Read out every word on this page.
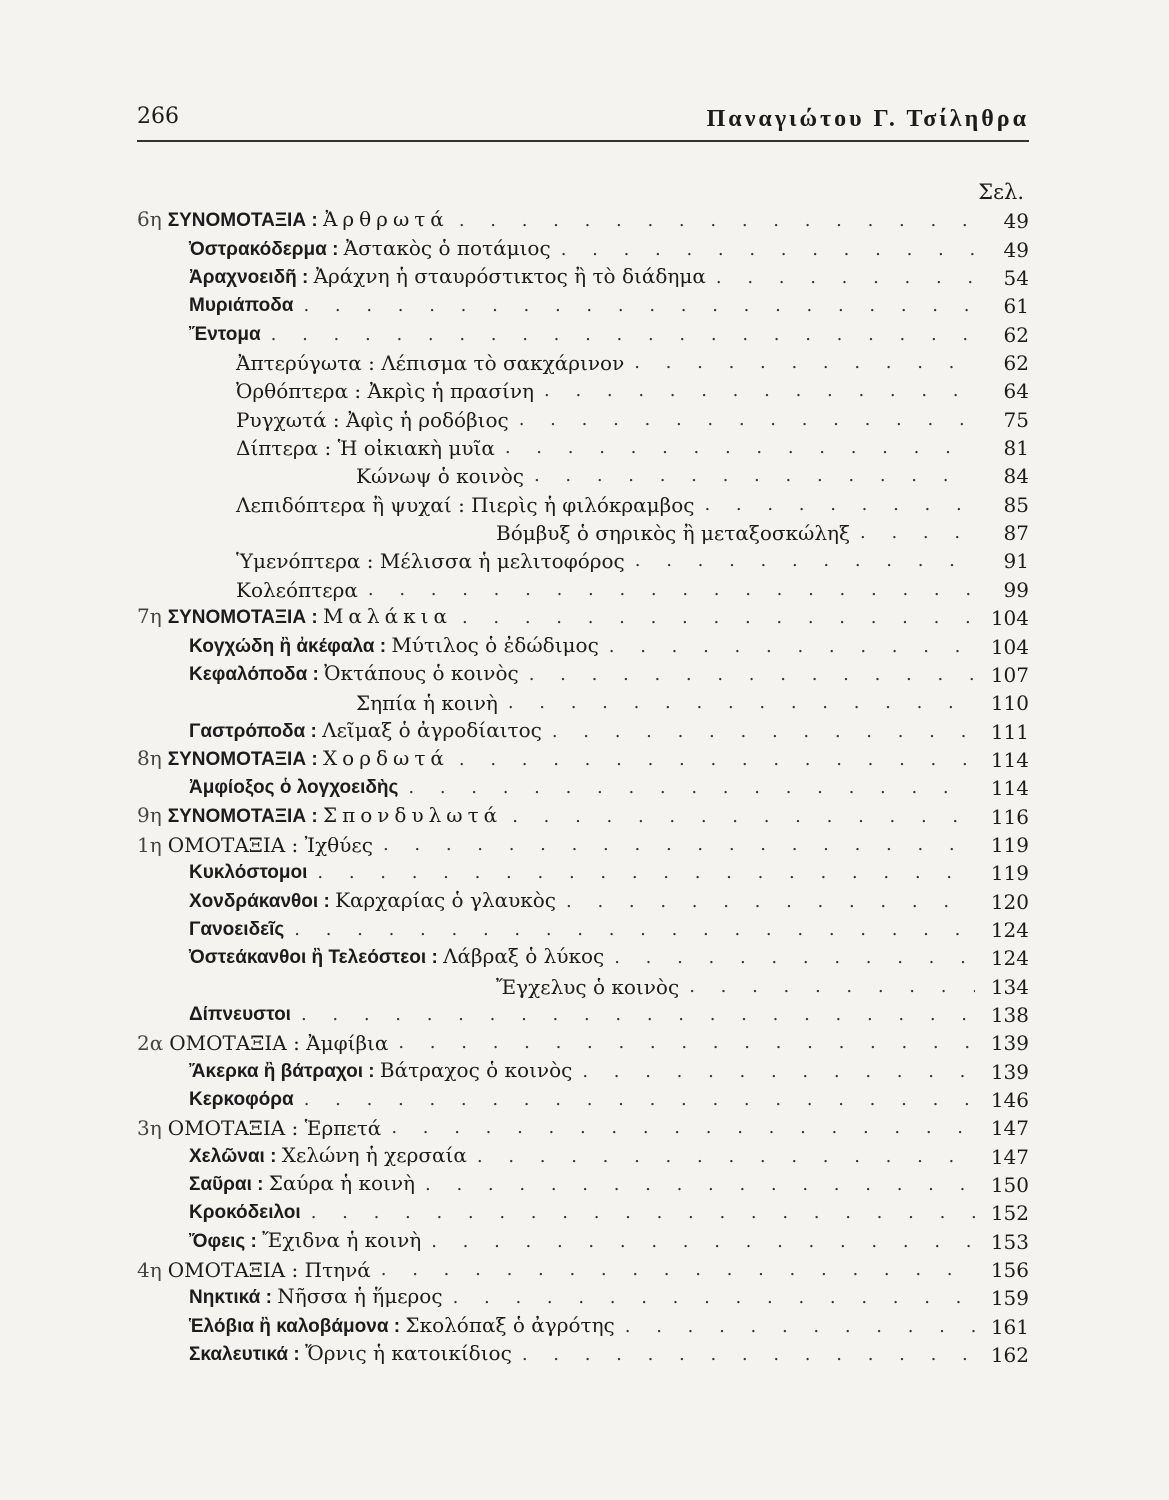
266	Παναγιώτου Γ. Τσίληθρα
Σελ.
6η ΣΥΝΟΜΟΤΑΞΙΑ : Ἀρθρωτά . . .	49
Ὀστρακόδερμα : Ἀστακὸς ὁ ποτάμιος . . .	49
Ἀραχνοειδῆ : Ἀράχνη ἡ σταυρόστικτος ἢ τὸ διάδημα . . .	54
Μυριάποδα . . .	61
Ἔντομα . . .	62
Ἀπτερύγωτα : Λέπισμα τὸ σακχάρινον . . .	62
Ὀρθόπτερα : Ἀκρὶς ἡ πρασίνη . . .	64
Ρυγχωτά : Ἀφὶς ἡ ροδόβιος . . .	75
Δίπτερα : Ἡ οἰκιακὴ μυῖα . . .	81
Κώνωψ ὁ κοινὸς . . .	84
Λεπιδόπτερα ἢ ψυχαί : Πιερὶς ἡ φιλόκραμβος . . .	85
Βόμβυξ ὁ σηρικὸς ἢ μεταξοσκώληξ . . .	87
Ὑμενόπτερα : Μέλισσα ἡ μελιτοφόρος . . .	91
Κολεόπτερα . . .	99
7η ΣΥΝΟΜΟΤΑΞΙΑ : Μαλάκια . . .	104
Κογχώδη ἢ ἀκέφαλα : Μύτιλος ὁ ἐδώδιμος . . .	104
Κεφαλόποδα : Ὀκτάπους ὁ κοινὸς . . .	107
Σηπία ἡ κοινὴ . . .	110
Γαστρόποδα : Λεῖμαξ ὁ ἀγροδίαιτος . . .	111
8η ΣΥΝΟΜΟΤΑΞΙΑ : Χορδωτά . . .	114
Ἀμφίοξος ὁ λογχοειδὴς . . .	114
9η ΣΥΝΟΜΟΤΑΞΙΑ : Σπονδυλωτά . . .	116
1η ΟΜΟΤΑΞΙΑ : Ἰχθύες . . .	119
Κυκλόστομοι . . .	119
Χονδράκανθοι : Καρχαρίας ὁ γλαυκὸς . . .	120
Γανοειδεῖς . . .	124
Ὀστεάκανθοι ἢ Τελεόστεοι : Λάβραξ ὁ λύκος . . .	124
Ἔγχελυς ὁ κοινὸς . . .	134
Δίπνευστοι . . .	138
2α ΟΜΟΤΑΞΙΑ : Ἀμφίβια . . .	139
Ἄκερκα ἢ βάτραχοι : Βάτραχος ὁ κοινὸς . . .	139
Κερκοφόρα . . .	146
3η ΟΜΟΤΑΞΙΑ : Ἑρπετά . . .	147
Χελῶναι : Χελώνη ἡ χερσαία . . .	147
Σαῦραι : Σαύρα ἡ κοινὴ . . .	150
Κροκόδειλοι . . .	152
Ὄφεις : Ἔχιδνα ἡ κοινὴ . . .	153
4η ΟΜΟΤΑΞΙΑ : Πτηνά . . .	156
Νηκτικά : Νῆσσα ἡ ἥμερος . . .	159
Ἑλόβια ἢ καλοβάμονα : Σκολόπαξ ὁ ἀγρότης . . .	161
Σκαλευτικά : Ὄρνις ἡ κατοικίδιος . . .	162
